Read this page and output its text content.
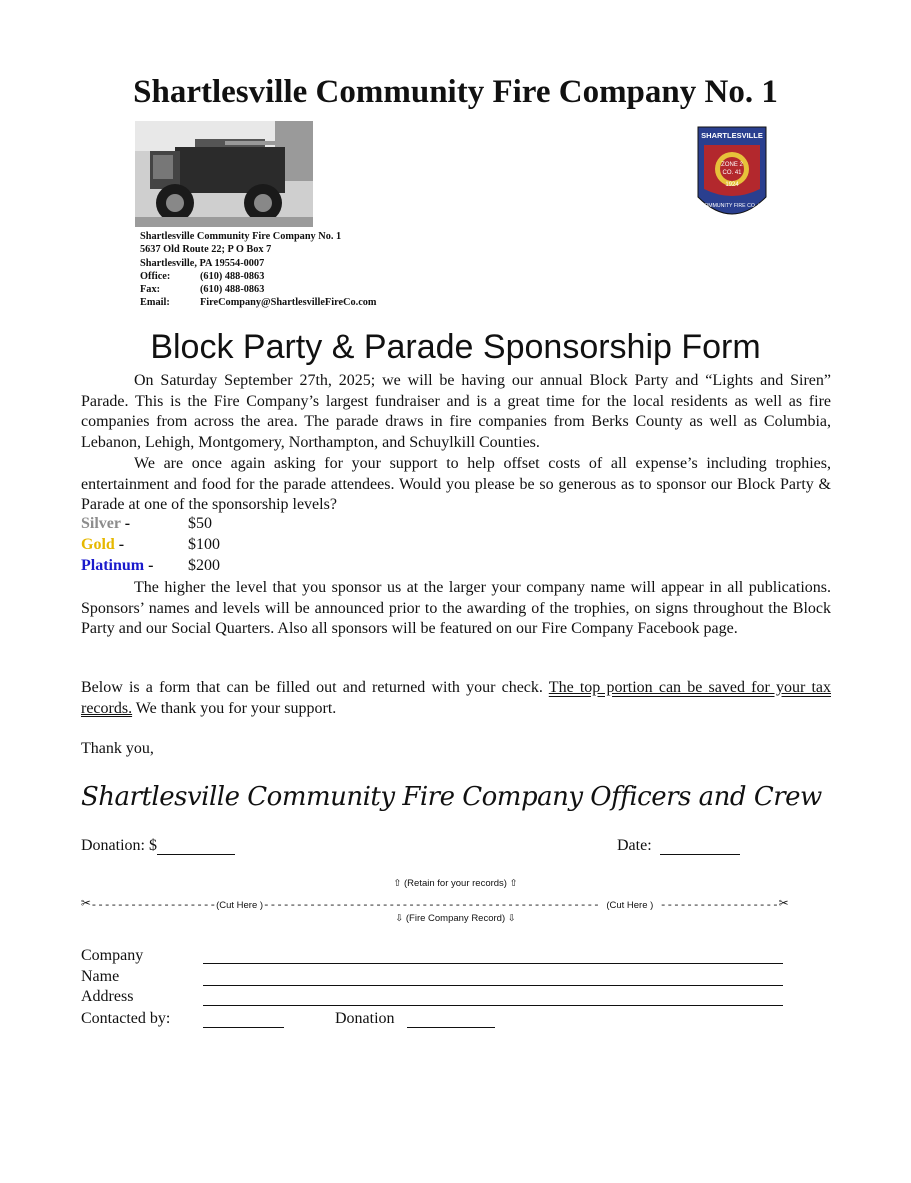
Shartlesville Community Fire Company No. 1
SHARTLESVILLE
ZONE 2
CO. 41
1924
COMMUNITY FIRE CO. #1
Shartlesville Community Fire Company No. 1
5637 Old Route 22; P O Box 7
Shartlesville, PA 19554-0007
Office:	(610) 488-0863
Fax:	(610) 488-0863
Email:	FireCompany@ShartlesvilleFireCo.com
Block Party & Parade Sponsorship Form
On Saturday September 27th, 2025; we will be having our annual Block Party and “Lights and Siren” Parade. This is the Fire Company’s largest fundraiser and is a great time for the local residents as well as fire companies from across the area. The parade draws in fire companies from Berks County as well as Columbia, Lebanon, Lehigh, Montgomery, Northampton, and Schuylkill Counties.
We are once again asking for your support to help offset costs of all expense’s including trophies, entertainment and food for the parade attendees. Would you please be so generous as to sponsor our Block Party & Parade at one of the sponsorship levels?
Silver -	$50
Gold -	$100
Platinum - $200
The higher the level that you sponsor us at the larger your company name will appear in all publications. Sponsors’ names and levels will be announced prior to the awarding of the trophies, on signs throughout the Block Party and our Social Quarters. Also all sponsors will be featured on our Fire Company Facebook page.
Below is a form that can be filled out and returned with your check. The top portion can be saved for your tax records. We thank you for your support.
Thank you,
Shartlesville Community Fire Company Officers and Crew
Donation: $	Date:
⇧ (Retain for your records) ⇧
✂-------------------(Cut Here )--------------------------------------------------- (Cut Here ) ------------------✂
⇩ (Fire Company Record) ⇩
Company
Name
Address
Contacted by:	Donation
